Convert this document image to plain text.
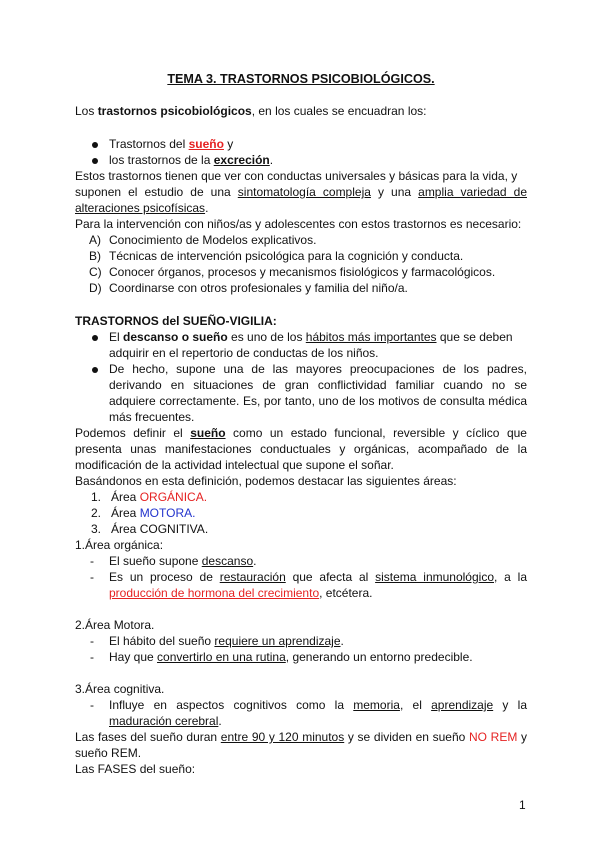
TEMA 3. TRASTORNOS PSICOBIOLÓGICOS.

Los trastornos psicobiológicos, en los cuales se encuadran los:

Trastornos del sueño y

los trastornos de la excreción.

Estos trastornos tienen que ver con conductas universales y básicas para la vida, y

suponen el estudio de una sintomatología compleja y una amplia variedad de

alteraciones psicofísicas.

Para la intervención con niños/as y adolescentes con estos trastornos es necesario:

A) Conocimiento de Modelos explicativos.

B) Técnicas de intervención psicológica para la cognición y conducta.

C) Conocer órganos, procesos y mecanismos fisiológicos y farmacológicos.

D) Coordinarse con otros profesionales y familia del niño/a.

TRASTORNOS del SUEÑO-VIGILIA:

El descanso o sueño es uno de los hábitos más importantes que se deben

adquirir en el repertorio de conductas de los niños.

De hecho, supone una de las mayores preocupaciones de los padres,

derivando en situaciones de gran conflictividad familiar cuando no se

adquiere correctamente. Es, por tanto, uno de los motivos de consulta médica

más frecuentes.

Podemos definir el sueño como un estado funcional, reversible y cíclico que

presenta unas manifestaciones conductuales y orgánicas, acompañado de la

modificación de la actividad intelectual que supone el soñar.

Basándonos en esta definición, podemos destacar las siguientes áreas:

1. Área ORGÁNICA.

2. Área MOTORA.

3. Área COGNITIVA.

1.Área orgánica:

- El sueño supone descanso.

- Es un proceso de restauración que afecta al sistema inmunológico, a la

producción de hormona del crecimiento, etcétera.

2.Área Motora.

- El hábito del sueño requiere un aprendizaje.

- Hay que convertirlo en una rutina, generando un entorno predecible.

3.Área cognitiva.

- Influye en aspectos cognitivos como la memoria, el aprendizaje y la

maduración cerebral.

Las fases del sueño duran entre 90 y 120 minutos y se dividen en sueño NO REM y

sueño REM.

Las FASES del sueño:

1
